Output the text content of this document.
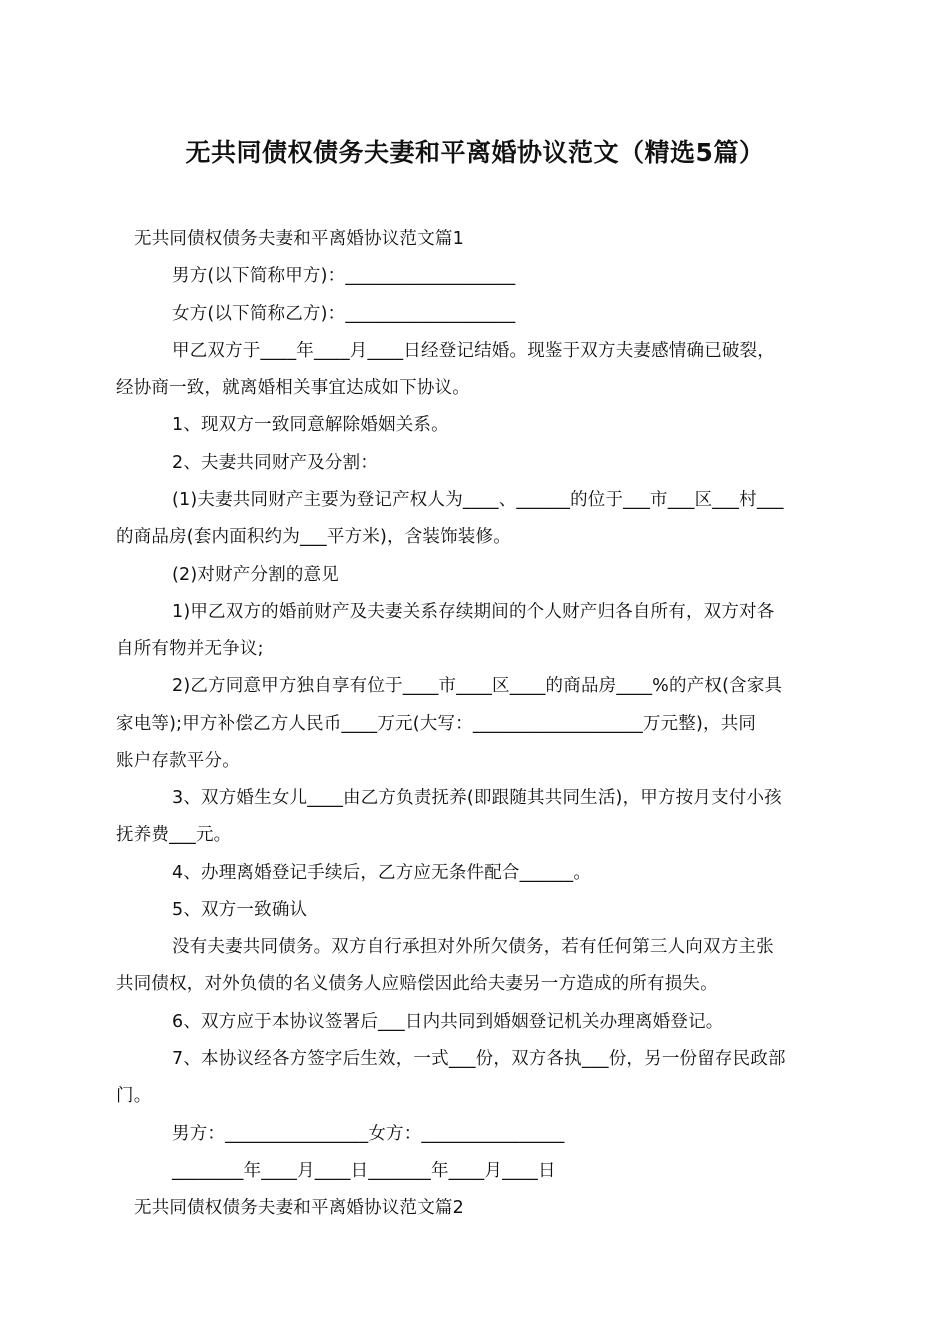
无共同债权债务夫妻和平离婚协议范文（精选5篇）
无共同债权债务夫妻和平离婚协议范文篇1
男方(以下简称甲方)：___________________
女方(以下简称乙方)：___________________
甲乙双方于____年____月____日经登记结婚。现鉴于双方夫妻感情确已破裂，
经协商一致，就离婚相关事宜达成如下协议。
1、现双方一致同意解除婚姻关系。
2、夫妻共同财产及分割：
(1)夫妻共同财产主要为登记产权人为____、______的位于___市___区___村___
的商品房(套内面积约为___平方米)，含装饰装修。
(2)对财产分割的意见
1)甲乙双方的婚前财产及夫妻关系存续期间的个人财产归各自所有，双方对各
自所有物并无争议;
2)乙方同意甲方独自享有位于____市____区____的商品房____%的产权(含家具
家电等);甲方补偿乙方人民币____万元(大写：___________________万元整)，共同
账户存款平分。
3、双方婚生女儿____由乙方负责抚养(即跟随其共同生活)，甲方按月支付小孩
抚养费___元。
4、办理离婚登记手续后，乙方应无条件配合______。
5、双方一致确认
没有夫妻共同债务。双方自行承担对外所欠债务，若有任何第三人向双方主张
共同债权，对外负债的名义债务人应赔偿因此给夫妻另一方造成的所有损失。
6、双方应于本协议签署后___日内共同到婚姻登记机关办理离婚登记。
7、本协议经各方签字后生效，一式___份，双方各执___份，另一份留存民政部
门。
男方：________________女方：________________
________年____月____日_______年____月____日
无共同债权债务夫妻和平离婚协议范文篇2
